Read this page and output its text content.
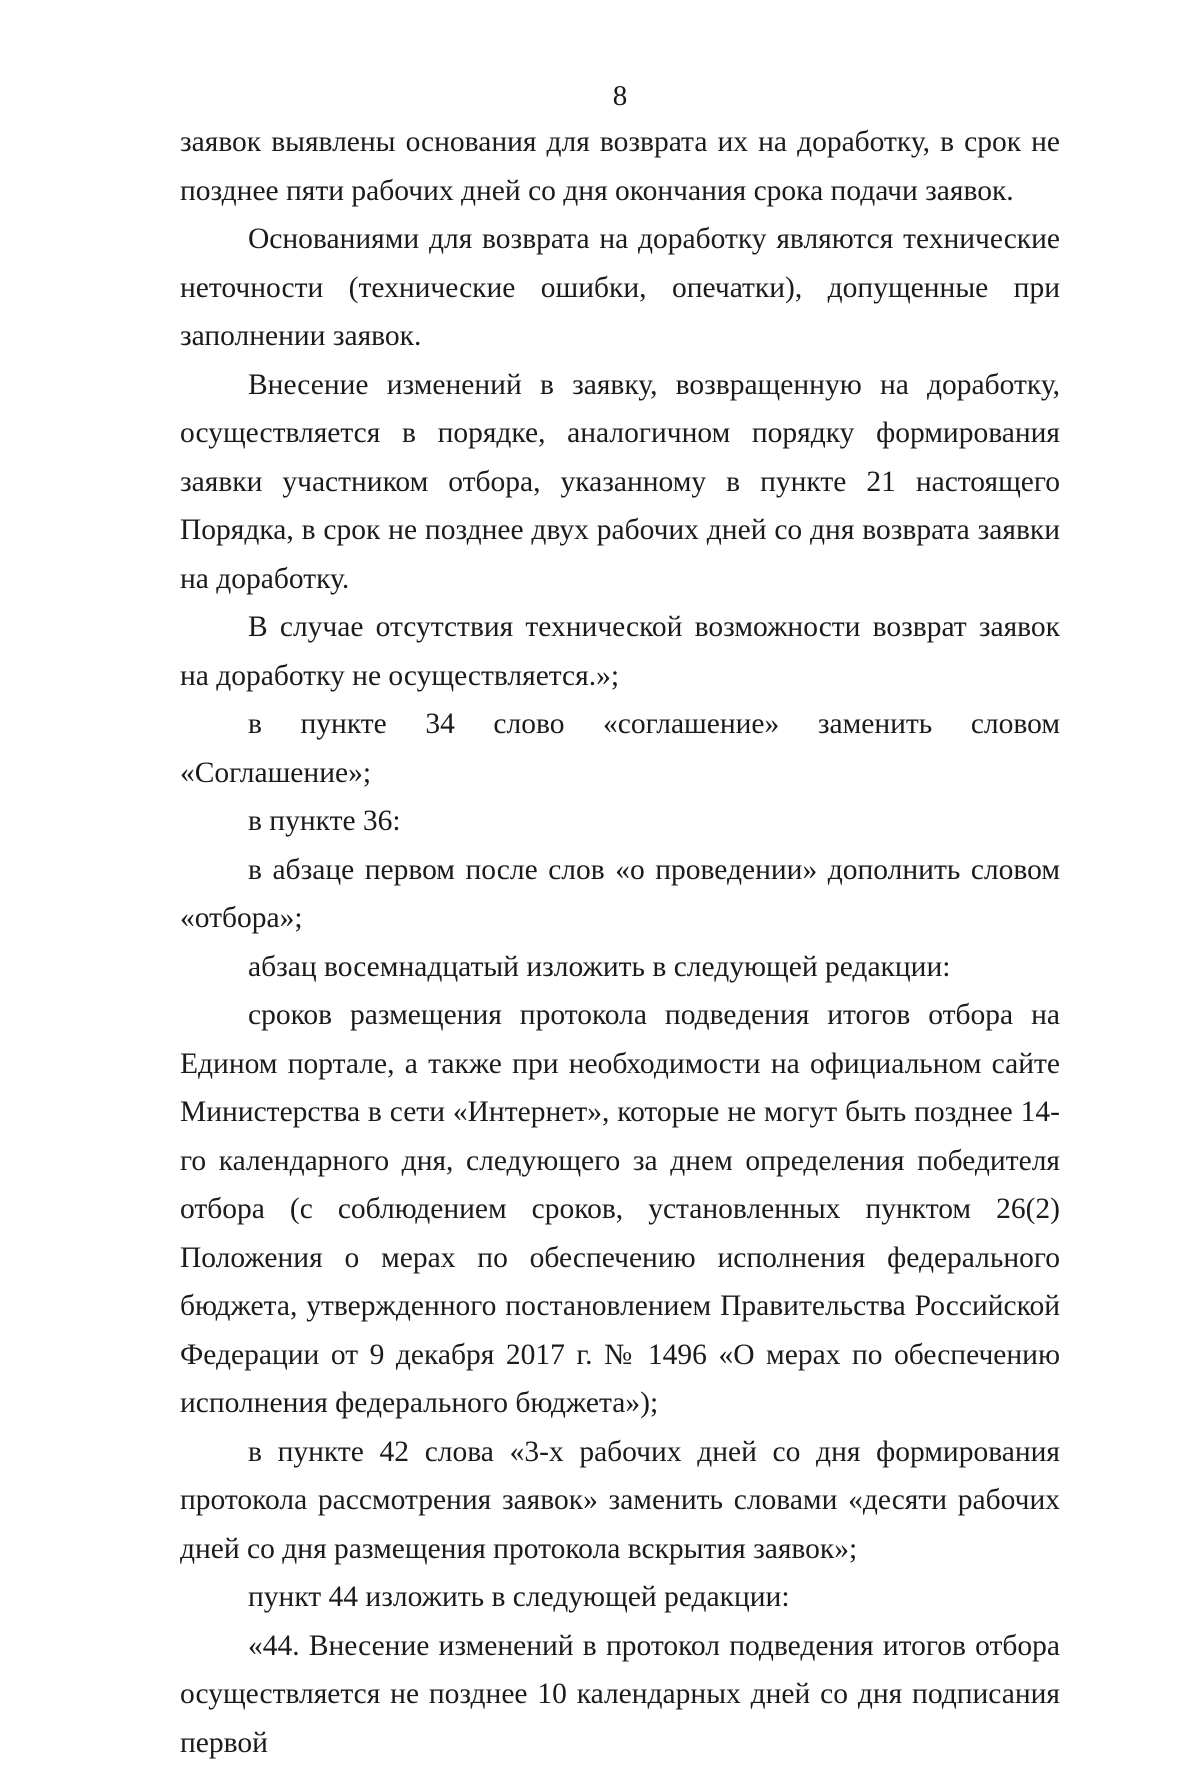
8

заявок выявлены основания для возврата их на доработку, в срок не позднее пяти рабочих дней со дня окончания срока подачи заявок.

Основаниями для возврата на доработку являются технические неточности (технические ошибки, опечатки), допущенные при заполнении заявок.

Внесение изменений в заявку, возвращенную на доработку, осуществляется в порядке, аналогичном порядку формирования заявки участником отбора, указанному в пункте 21 настоящего Порядка, в срок не позднее двух рабочих дней со дня возврата заявки на доработку.

В случае отсутствия технической возможности возврат заявок на доработку не осуществляется.»;

в пункте 34 слово «соглашение» заменить словом «Соглашение»;

в пункте 36:

в абзаце первом после слов «о проведении» дополнить словом «отбора»;

абзац восемнадцатый изложить в следующей редакции:

сроков размещения протокола подведения итогов отбора на Едином портале, а также при необходимости на официальном сайте Министерства в сети «Интернет», которые не могут быть позднее 14-го календарного дня, следующего за днем определения победителя отбора (с соблюдением сроков, установленных пунктом 26(2) Положения о мерах по обеспечению исполнения федерального бюджета, утвержденного постановлением Правительства Российской Федерации от 9 декабря 2017 г. № 1496 «О мерах по обеспечению исполнения федерального бюджета»);

в пункте 42 слова «3-х рабочих дней со дня формирования протокола рассмотрения заявок» заменить словами «десяти рабочих дней со дня размещения протокола вскрытия заявок»;

пункт 44 изложить в следующей редакции:

«44. Внесение изменений в протокол подведения итогов отбора осуществляется не позднее 10 календарных дней со дня подписания первой
